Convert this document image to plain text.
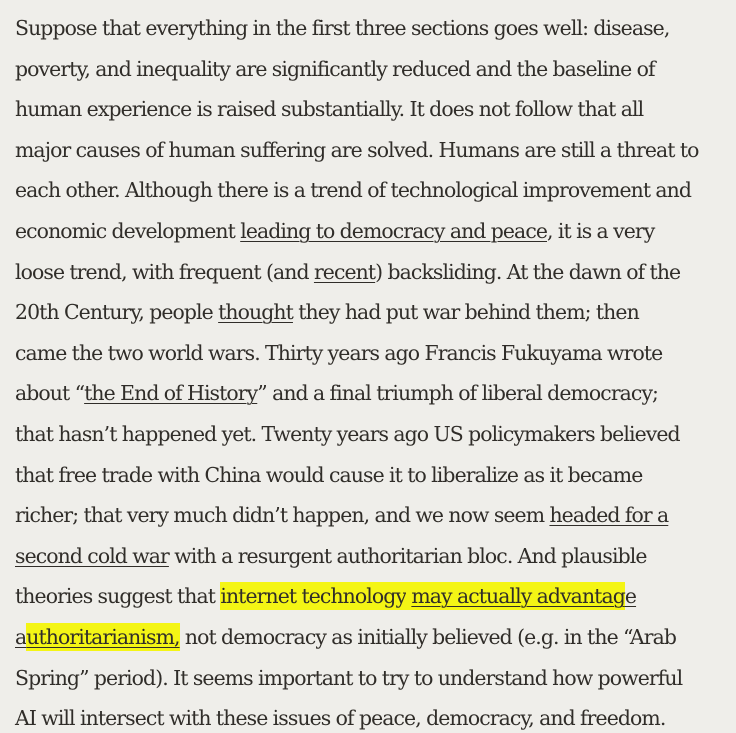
Suppose that everything in the first three sections goes well: disease,
poverty, and inequality are significantly reduced and the baseline of
human experience is raised substantially. It does not follow that all
major causes of human suffering are solved. Humans are still a threat to
each other. Although there is a trend of technological improvement and
economic development leading to democracy and peace, it is a very
loose trend, with frequent (and recent) backsliding. At the dawn of the
20th Century, people thought they had put war behind them; then
came the two world wars. Thirty years ago Francis Fukuyama wrote
about “the End of History” and a final triumph of liberal democracy;
that hasn’t happened yet. Twenty years ago US policymakers believed
that free trade with China would cause it to liberalize as it became
richer; that very much didn’t happen, and we now seem headed for a
second cold war with a resurgent authoritarian bloc. And plausible
theories suggest that internet technology may actually advantage
authoritarianism, not democracy as initially believed (e.g. in the “Arab
Spring” period). It seems important to try to understand how powerful
AI will intersect with these issues of peace, democracy, and freedom.
